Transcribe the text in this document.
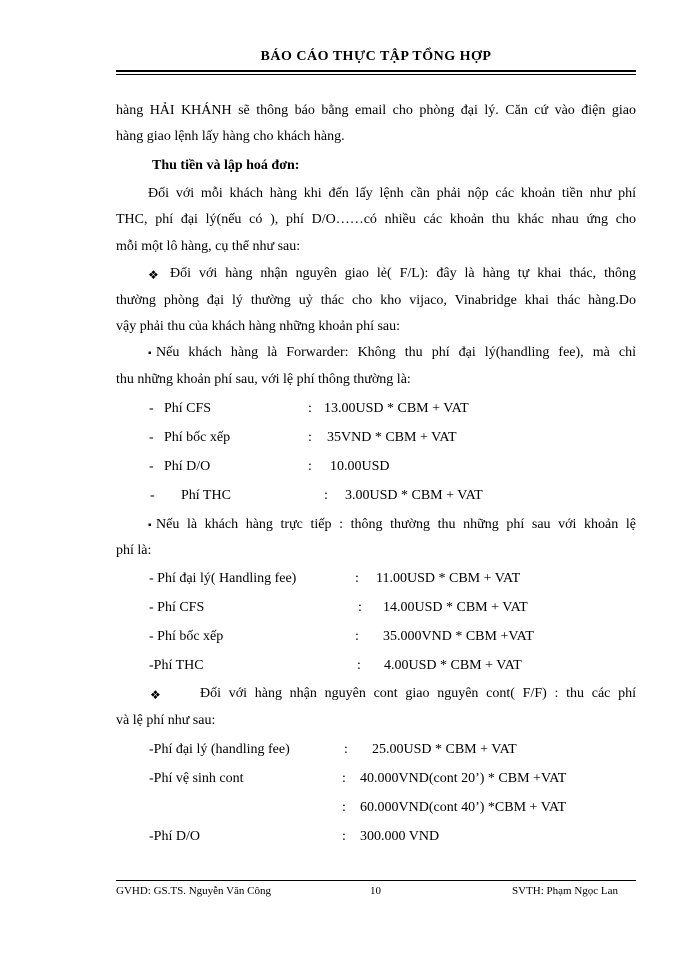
BÁO CÁO THỰC TẬP TỔNG HỢP
hàng HẢI KHÁNH sẽ thông báo bằng email cho phòng đại lý. Căn cứ vào điện giao
hàng giao lệnh lấy hàng cho khách hàng.
Thu tiền và lập hoá đơn:
Đối với mỗi khách hàng khi đến lấy lệnh cần phải nộp các khoản tiền như phí
THC, phí đại lý(nếu có ), phí D/O……có nhiều các khoản thu khác nhau ứng cho
mỗi một lô hàng, cụ thể như sau:
❖ Đối với hàng nhận nguyên giao lẻ( F/L): đây là hàng tự khai thác, thông
thường phòng đại lý thường uỷ thác cho kho vijaco, Vinabridge khai thác hàng.Do
vậy phải thu của khách hàng những khoản phí sau:
▪ Nếu khách hàng là Forwarder: Không thu phí đại lý(handling fee), mà chỉ
thu những khoản phí sau, với lệ phí thông thường là:
- Phí CFS	: 13.00USD * CBM + VAT
- Phí bốc xếp	: 35VND * CBM + VAT
- Phí D/O	: 10.00USD
- Phí THC	: 3.00USD * CBM + VAT
▪ Nếu là khách hàng trực tiếp : thông thường thu những phí sau với khoản lệ
phí là:
- Phí đại lý( Handling fee)	: 11.00USD * CBM + VAT
- Phí CFS	: 14.00USD * CBM + VAT
- Phí bốc xếp	: 35.000VND * CBM +VAT
-Phí THC	: 4.00USD * CBM + VAT
❖	Đối với hàng nhận nguyên cont giao nguyên cont( F/F) : thu các phí
và lệ phí như sau:
-Phí đại lý (handling fee)	: 25.00USD * CBM + VAT
-Phí vệ sinh cont	: 40.000VND(cont 20’) * CBM +VAT
: 60.000VND(cont 40’) *CBM + VAT
-Phí D/O	: 300.000 VND
GVHD: GS.TS. Nguyễn Văn Công	10	SVTH: Phạm Ngọc Lan
